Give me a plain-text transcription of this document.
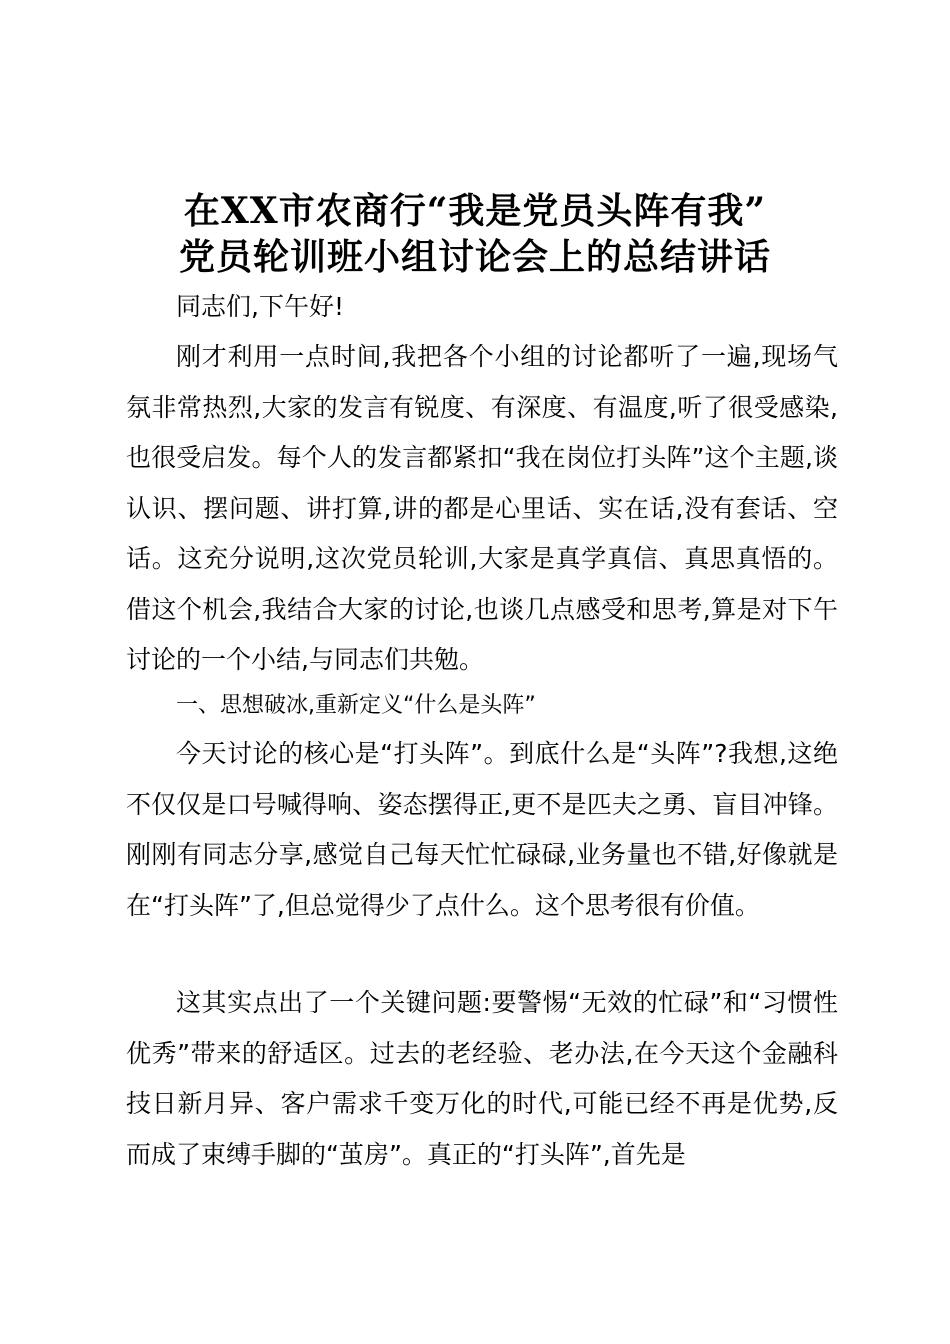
在XX市农商行“我是党员头阵有我”
党员轮训班小组讨论会上的总结讲话

同志们,下午好!

刚才利用一点时间,我把各个小组的讨论都听了一遍,现场气氛非常热烈,大家的发言有锐度、有深度、有温度,听了很受感染,也很受启发。每个人的发言都紧扣“我在岗位打头阵”这个主题,谈认识、摆问题、讲打算,讲的都是心里话、实在话,没有套话、空话。这充分说明,这次党员轮训,大家是真学真信、真思真悟的。借这个机会,我结合大家的讨论,也谈几点感受和思考,算是对下午讨论的一个小结,与同志们共勉。

一、思想破冰,重新定义“什么是头阵”

今天讨论的核心是“打头阵”。到底什么是“头阵”?我想,这绝不仅仅是口号喊得响、姿态摆得正,更不是匹夫之勇、盲目冲锋。刚刚有同志分享,感觉自己每天忙忙碌碌,业务量也不错,好像就是在“打头阵”了,但总觉得少了点什么。这个思考很有价值。

这其实点出了一个关键问题:要警惕“无效的忙碌”和“习惯性优秀”带来的舒适区。过去的老经验、老办法,在今天这个金融科技日新月异、客户需求千变万化的时代,可能已经不再是优势,反而成了束缚手脚的“茧房”。真正的“打头阵”,首先是
